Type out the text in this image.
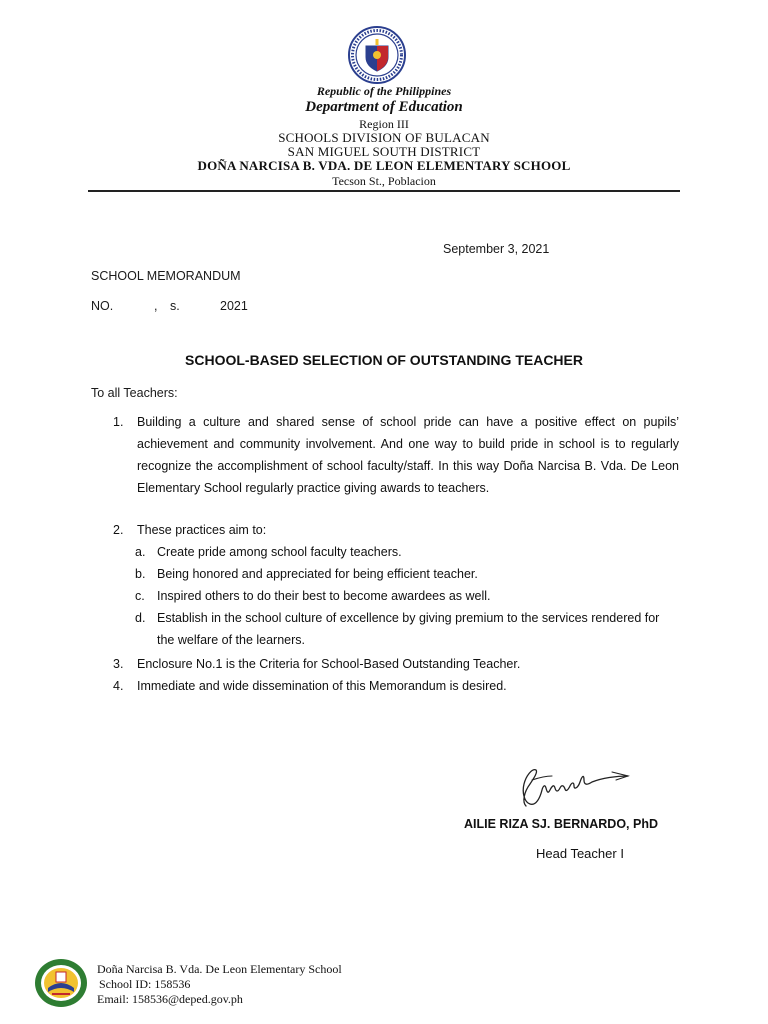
Republic of the Philippines
Department of Education
Region III
SCHOOLS DIVISION OF BULACAN
SAN MIGUEL SOUTH DISTRICT
DOÑA NARCISA B. VDA. DE LEON ELEMENTARY SCHOOL
Tecson St., Poblacion
September 3, 2021
SCHOOL MEMORANDUM
NO.	, s.	2021
SCHOOL-BASED SELECTION OF OUTSTANDING TEACHER
To all Teachers:
1. Building a culture and shared sense of school pride can have a positive effect on pupils’ achievement and community involvement. And one way to build pride in school is to regularly recognize the accomplishment of school faculty/staff. In this way Doña Narcisa B. Vda. De Leon Elementary School regularly practice giving awards to teachers.
2. These practices aim to:
a. Create pride among school faculty teachers.
b. Being honored and appreciated for being efficient teacher.
c. Inspired others to do their best to become awardees as well.
d. Establish in the school culture of excellence by giving premium to the services rendered for the welfare of the learners.
3. Enclosure No.1 is the Criteria for School-Based Outstanding Teacher.
4. Immediate and wide dissemination of this Memorandum is desired.
AILIE RIZA SJ. BERNARDO, PhD
Head Teacher I
Doña Narcisa B. Vda. De Leon Elementary School
School ID: 158536
Email: 158536@deped.gov.ph
